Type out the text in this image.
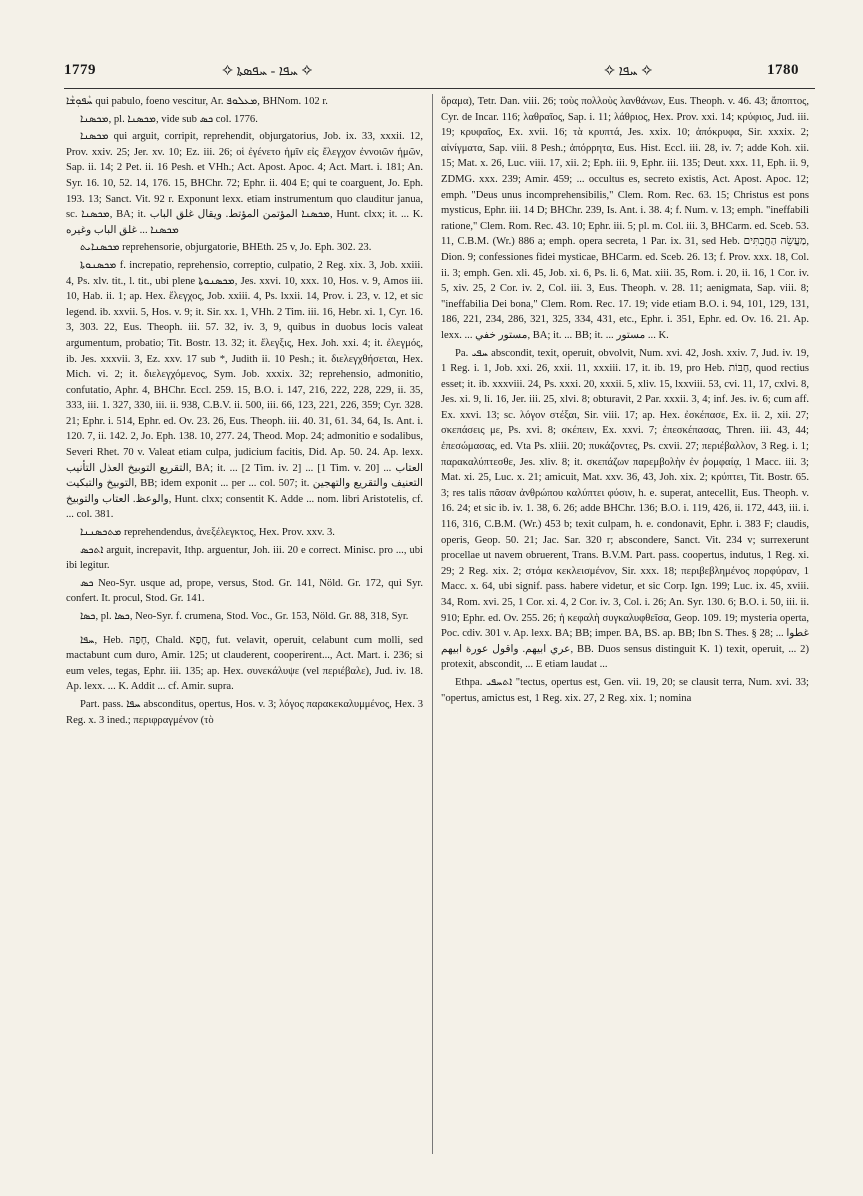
1779	✧ ܚܦܐ - ܚܦܣܬܐ ✧	✧ ܚܦܐ ✧	1780

ܚܵܦܘܼܫܵܐ qui pabulo, foeno vescitur, Ar. ܡܥܠܘܦ, BHNom. 102 r.

ܡܟܣܢܐ, pl. ܡܟܣܢܐ, vide sub ܟܣ col. 1776.

ܡܟܣܢܐ qui arguit, corripit, reprehendit, objurgatorius, Job. ix. 33, xxxii. 12, Prov. xxiv. 25; Jer. xv. 10; Ez. iii. 26; οἱ ἐγένετο ἡμῖν εἰς ἔλεγχον ἐννοιῶν ἡμῶν, Sap. ii. 14; 2 Pet. ii. 16 Pesh. et VHh.; Act. Apost. Apoc. 4; Act. Mart. i. 181; An. Syr. 16. 10, 52. 14, 176. 15, BHChr. 72; Ephr. ii. 404 E; qui te coarguent, Jo. Eph. 193. 13; Sanct. Vit. 92 r. Exponunt lexx. etiam instrumentum quo clauditur janua, sc. ܡܟܣܢܐ, BA; it. ܡܟܣܢܐ المؤتمن المؤتط. ويقال غلق الباب, Hunt. clxx; it. ... K. ܡܟܣܢܐ ... غلق الباب وغيره

ܡܟܣܢܐܝܬ reprehensorie, objurgatorie, BHEth. 25 v, Jo. Eph. 302. 23.

ܡܟܣܢܘܬܐ f. increpatio, reprehensio, correptio, culpatio, 2 Reg. xix. 3, Job. xxiii. 4, Ps. xlv. tit., l. tit., ubi plene ܡܟܣܢܘܬܐ, Jes. xxvi. 10, xxx. 10, Hos. v. 9, Amos iii. 10, Hab. ii. 1; ap. Hex. ἔλεγχος, Job. xxiii. 4, Ps. lxxii. 14, Prov. i. 23, v. 12, et sic legend. ib. xxvii. 5, Hos. v. 9; it. Sir. xx. 1, VHh. 2 Tim. iii. 16, Hebr. xi. 1, Cyr. 16. 3, 303. 22, Eus. Theoph. iii. 57. 32, iv. 3, 9, quibus in duobus locis valeat argumentum, probatio; Tit. Bostr. 13. 32; it. ἔλεγξις, Hex. Joh. xxi. 4; it. ἐλεγμός, ib. Jes. xxxvii. 3, Ez. xxv. 17 sub *, Judith ii. 10 Pesh.; it. διελεγχθήσεται, Hex. Mich. vi. 2; it. διελεγχόμενος, Sym. Job. xxxix. 32; reprehensio, admonitio, confutatio, Aphr. 4, BHChr. Eccl. 259. 15, B.O. i. 147, 216, 222, 228, 229, ii. 35, 333, iii. 1. 327, 330, iii. ii. 938, C.B.V. ii. 500, iii. 66, 123, 221, 226, 359; Cyr. 328. 21; Ephr. i. 514, Ephr. ed. Ov. 23. 26, Eus. Theoph. iii. 40. 31, 61. 34, 64, Is. Ant. i. 120. 7, ii. 142. 2, Jo. Eph. 138. 10, 277. 24, Theod. Mop. 24; admonitio e sodalibus, Severi Rhet. 70 v. Valeat etiam culpa, judicium facitis, Did. Ap. 50. 24. Ap. lexx. التقريع التوبيخ العذل التأنيب, BA; it. ... [2 Tim. iv. 2] ... [1 Tim. v. 20] ... العتاب التوبيخ والتبكيت, BB; idem exponit ... per ... col. 507; it. التعنيف والتقريع والتهجين والوعظ. العتاب والتوبيخ, Hunt. clxx; consentit K. Adde ... nom. libri Aristotelis, cf. ... col. 381.

ܡܬܟܣܢܢܐ reprehendendus, ἀνεξέλεγκτος, Hex. Prov. xxv. 3.

ܐܬܟܣ arguit, increpavit, Ithp. arguentur, Joh. iii. 20 e correct. Minisc. pro ..., ubi ibi legitur.

ܟܣ Neo-Syr. usque ad, prope, versus, Stod. Gr. 141, Nöld. Gr. 172, qui Syr. confert. It. procul, Stod. Gr. 141.

ܟܣܐ, pl. ܟܣܐ, Neo-Syr. f. crumena, Stod. Voc., Gr. 153, Nöld. Gr. 88, 318, Syr.

ܚܦܐ, Heb. חָפָה, Chald. חֲפָא, fut. velavit, operuit, celabunt cum molli, sed mactabunt cum duro, Amir. 125; ut clauderent, cooperirent..., Act. Mart. i. 236; si eum veles, tegas, Ephr. iii. 135; ap. Hex. συνεκάλυψε (vel περιέβαλε), Jud. iv. 18. Ap. lexx. ... K. Addit ... cf. Amir. supra.

Part. pass. ܚܦܐ absconditus, opertus, Hos. v. 3; λόγος παρακεκαλυμμένος, Hex. 3 Reg. x. 3 ined.; περιφραγμένον (τὸ

ὅραμα), Tetr. Dan. viii. 26; τοὺς πολλοὺς λανθάνων, Eus. Theoph. v. 46. 43; ἄποπτος, Cyr. de Incar. 116; λαθραῖος, Sap. i. 11; λάθριος, Hex. Prov. xxi. 14; κρύφιος, Jud. iii. 19; κρυφαῖος, Ex. xvii. 16; τὰ κρυπτά, Jes. xxix. 10; ἀπόκρυφα, Sir. xxxix. 2; αἰνίγματα, Sap. viii. 8 Pesh.; ἀπόρρητα, Eus. Hist. Eccl. iii. 28, iv. 7; adde Koh. xii. 15; Mat. x. 26, Luc. viii. 17, xii. 2; Eph. iii. 9, Ephr. iii. 135; Deut. xxx. 11, Eph. ii. 9, ZDMG. xxx. 239; Amir. 459; ... occultus es, secreto existis, Act. Apost. Apoc. 12; emph. "Deus unus incomprehensibilis," Clem. Rom. Rec. 63. 15; Christus est pons mysticus, Ephr. iii. 14 D; BHChr. 239, Is. Ant. i. 38. 4; f. Num. v. 13; emph. "ineffabili ratione," Clem. Rom. Rec. 43. 10; Ephr. iii. 5; pl. m. Col. iii. 3, BHCarm. ed. Sceb. 53. 11, C.B.M. (Wr.) 886 a; emph. opera secreta, 1 Par. ix. 31, sed Heb. מַעֲשֵׂה הַחֲבִתִּים, Dion. 9; confessiones fidei mysticae, BHCarm. ed. Sceb. 26. 13; f. Prov. xxx. 18, Col. ii. 3; emph. Gen. xli. 45, Job. xi. 6, Ps. li. 6, Mat. xiii. 35, Rom. i. 20, ii. 16, 1 Cor. iv. 5, xiv. 25, 2 Cor. iv. 2, Col. iii. 3, Eus. Theoph. v. 28. 11; aenigmata, Sap. viii. 8; "ineffabilia Dei bona," Clem. Rom. Rec. 17. 19; vide etiam B.O. i. 94, 101, 129, 131, 186, 221, 234, 286, 321, 325, 334, 431, etc., Ephr. i. 351, Ephr. ed. Ov. 16. 21. Ap. lexx. ... مستور خفي, BA; it. ... BB; it. ... مستور ... K.

Pa. ܚܦܝ abscondit, texit, operuit, obvolvit, Num. xvi. 42, Josh. xxiv. 7, Jud. iv. 19, 1 Reg. i. 1, Job. xxi. 26, xxii. 11, xxxiii. 17, it. ib. 19, pro Heb. חַבּוֹת, quod rectius esset; it. ib. xxxviii. 24, Ps. xxxi. 20, xxxii. 5, xliv. 15, lxxviii. 53, cvi. 11, 17, cxlvi. 8, Jes. xi. 9, li. 16, Jer. iii. 25, xlvi. 8; obturavit, 2 Par. xxxii. 3, 4; inf. Jes. iv. 6; cum aff. Ex. xxvi. 13; sc. λόγον στέξαι, Sir. viii. 17; ap. Hex. ἐσκέπασε, Ex. ii. 2, xii. 27; σκεπάσεις με, Ps. xvi. 8; σκέπειν, Ex. xxvi. 7; ἐπεσκέπασας, Thren. iii. 43, 44; ἐπεσώμασας, ed. Vta Ps. xliii. 20; πυκάζοντες, Ps. cxvii. 27; περιέβαλλον, 3 Reg. i. 1; παρακαλύπτεσθε, Jes. xliv. 8; it. σκεπάζων παρεμβολὴν ἐν ῥομφαίᾳ, 1 Macc. iii. 3; Mat. xi. 25, Luc. x. 21; amicuit, Mat. xxv. 36, 43, Joh. xix. 2; κρύπτει, Tit. Bostr. 65. 3; res talis πᾶσαν ἀνθρώπου καλύπτει φύσιν, h. e. superat, antecellit, Eus. Theoph. v. 16. 24; et sic ib. iv. 1. 38, 6. 26; adde BHChr. 136; B.O. i. 119, 426, ii. 172, 443, iii. i. 116, 316, C.B.M. (Wr.) 453 b; texit culpam, h. e. condonavit, Ephr. i. 383 F; claudis, operis, Geop. 50. 21; Jac. Sar. 320 r; abscondere, Sanct. Vit. 234 v; surrexerunt procellae ut navem obruerent, Trans. B.V.M. Part. pass. coopertus, indutus, 1 Reg. xi. 29; 2 Reg. xix. 2; στόμα κεκλεισμένον, Sir. xxx. 18; περιβεβλημένος πορφύραν, 1 Macc. x. 64, ubi signif. pass. habere videtur, et sic Corp. Ign. 199; Luc. ix. 45, xviii. 34, Rom. xvi. 25, 1 Cor. xi. 4, 2 Cor. iv. 3, Col. i. 26; An. Syr. 130. 6; B.O. i. 50, iii. ii. 910; Ephr. ed. Ov. 255. 26; ἡ κεφαλὴ συγκαλυφθεῖσα, Geop. 109. 19; mysteria operta, Poc. cdiv. 301 v. Ap. lexx. BA; BB; imper. BA, BS. ap. BB; Ibn S. Thes. § 28; ... غطوا عري ابيهم. واقول عورة ابيهم, BB. Duos sensus distinguit K. 1) texit, operuit, ... 2) protexit, abscondit, ... E etiam laudat ...

Ethpa. ܐܬܚܦܝ "tectus, opertus est, Gen. vii. 19, 20; se clausit terra, Num. xvi. 33; "opertus, amictus est, 1 Reg. xix. 27, 2 Reg. xix. 1; nomina
